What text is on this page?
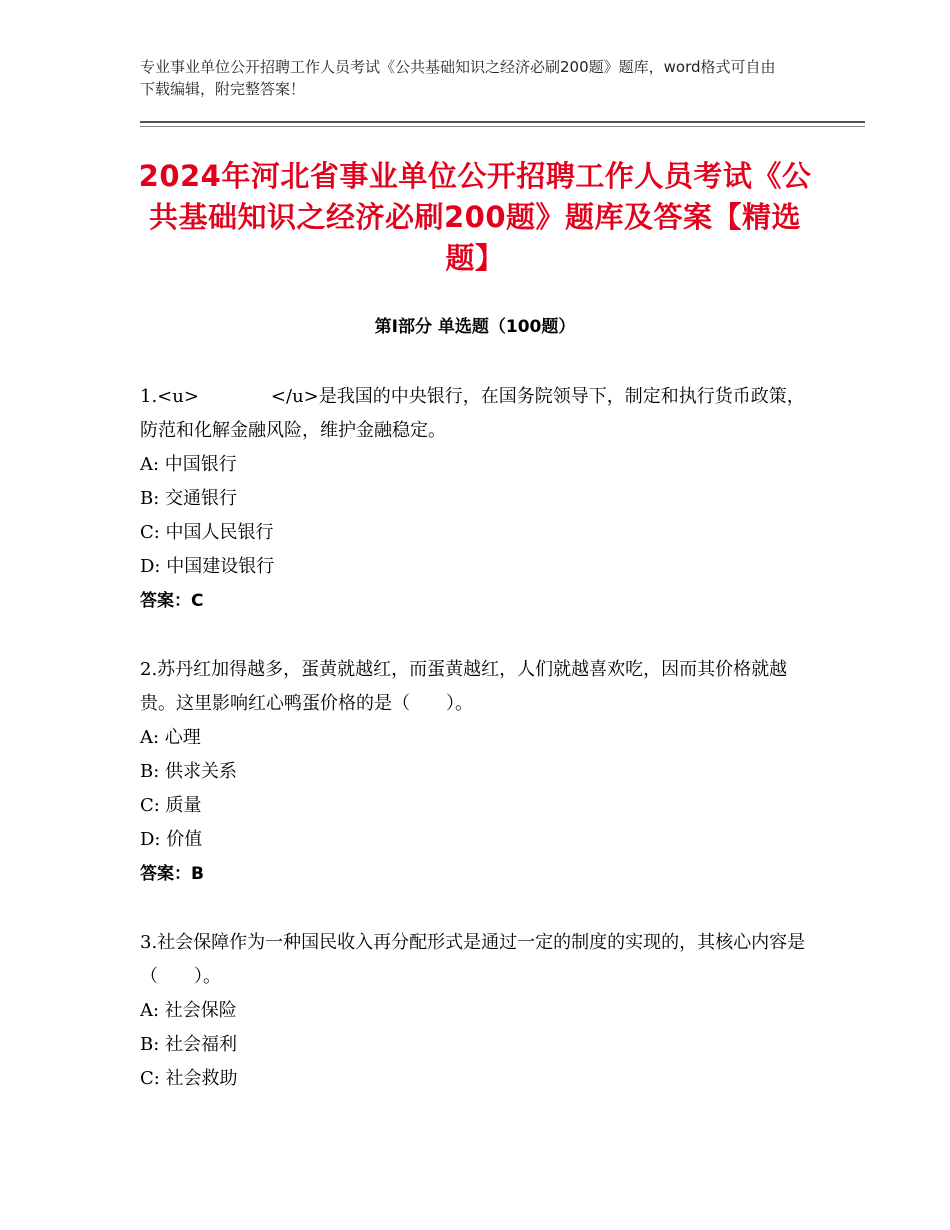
专业事业单位公开招聘工作人员考试《公共基础知识之经济必刷200题》题库，word格式可自由下载编辑，附完整答案！
2024年河北省事业单位公开招聘工作人员考试《公共基础知识之经济必刷200题》题库及答案【精选题】
第Ⅰ部分 单选题（100题）

1.<u>　　　　</u>是我国的中央银行，在国务院领导下，制定和执行货币政策，防范和化解金融风险，维护金融稳定。

A: 中国银行

B: 交通银行

C: 中国人民银行

D: 中国建设银行

答案：C

2.苏丹红加得越多，蛋黄就越红，而蛋黄越红，人们就越喜欢吃，因而其价格就越贵。这里影响红心鸭蛋价格的是（　　）。

A: 心理

B: 供求关系

C: 质量

D: 价值

答案：B

3.社会保障作为一种国民收入再分配形式是通过一定的制度的实现的，其核心内容是（　　）。

A: 社会保险

B: 社会福利

C: 社会救助
